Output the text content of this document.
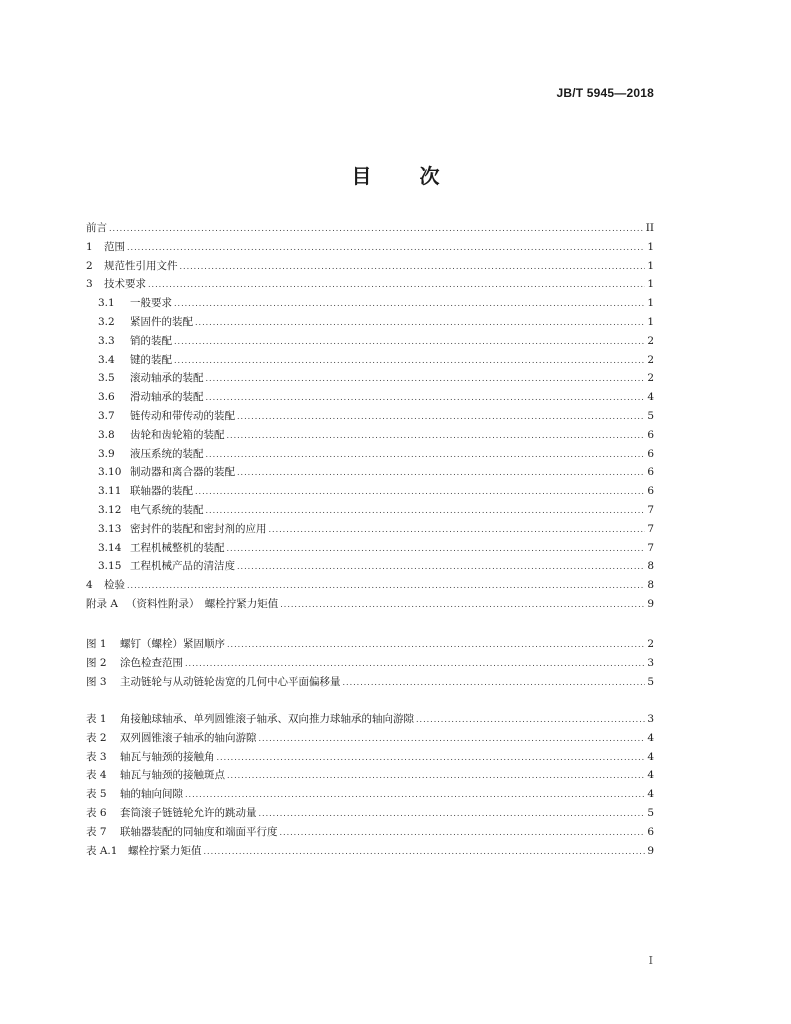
JB/T 5945—2018
目 次
前言 .....	II
1	范围 .....	1
2	规范性引用文件 .....	1
3	技术要求 .....	1
3.1	一般要求 .....	1
3.2	紧固件的装配 .....	1
3.3	销的装配 .....	2
3.4	键的装配 .....	2
3.5	滚动轴承的装配 .....	2
3.6	滑动轴承的装配 .....	4
3.7	链传动和带传动的装配 .....	5
3.8	齿轮和齿轮箱的装配 .....	6
3.9	液压系统的装配 .....	6
3.10 制动器和离合器的装配 .....	6
3.11 联轴器的装配 .....	6
3.12 电气系统的装配 .....	7
3.13 密封件的装配和密封剂的应用 .....	7
3.14 工程机械整机的装配 .....	7
3.15 工程机械产品的清洁度 .....	8
4	检验 .....	8
附录 A （资料性附录）　螺栓拧紧力矩值 .....	9
图 1	螺钉（螺栓）紧固顺序 .....	2
图 2	涂色检查范围 .....	3
图 3	主动链轮与从动链轮齿宽的几何中心平面偏移量 .....	5
表 1	角接触球轴承、单列圆锥滚子轴承、双向推力球轴承的轴向游隙 .....	3
表 2	双列圆锥滚子轴承的轴向游隙 .....	4
表 3	轴瓦与轴颈的接触角 .....	4
表 4	轴瓦与轴颈的接触斑点 .....	4
表 5	轴的轴向间隙 .....	4
表 6	套筒滚子链链轮允许的跳动量 .....	5
表 7	联轴器装配的同轴度和端面平行度 .....	6
表 A.1	螺栓拧紧力矩值 .....	9
I
